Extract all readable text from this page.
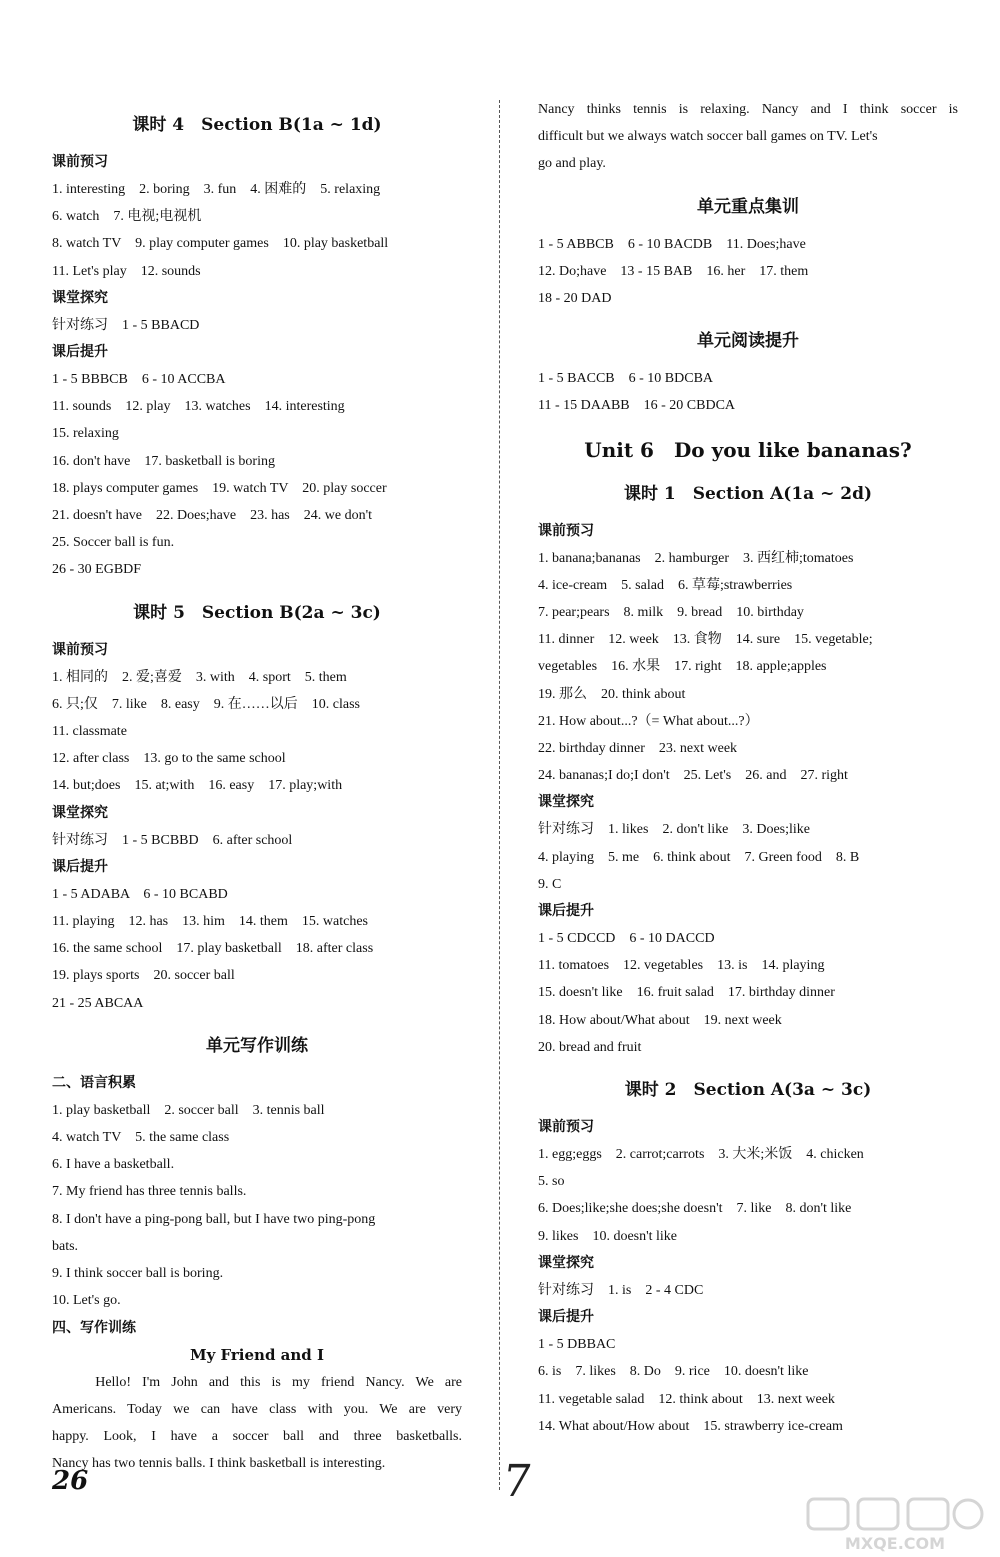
课时 4　Section B(1a ~ 1d)
课前预习
1. interesting　2. boring　3. fun　4. 困难的　5. relaxing
6. watch　7. 电视;电视机
8. watch TV　9. play computer games　10. play basketball
11. Let's play　12. sounds
课堂探究
针对练习　1 - 5 BBACD
课后提升
1 - 5 BBBCB　6 - 10 ACCBA
11. sounds　12. play　13. watches　14. interesting
15. relaxing
16. don't have　17. basketball is boring
18. plays computer games　19. watch TV　20. play soccer
21. doesn't have　22. Does;have　23. has　24. we don't
25. Soccer ball is fun.
26 - 30 EGBDF
课时 5　Section B(2a ~ 3c)
课前预习
1. 相同的　2. 爱;喜爱　3. with　4. sport　5. them
6. 只;仅　7. like　8. easy　9. 在……以后　10. class
11. classmate
12. after class　13. go to the same school
14. but;does　15. at;with　16. easy　17. play;with
课堂探究
针对练习　1 - 5 BCBBD　6. after school
课后提升
1 - 5 ADABA　6 - 10 BCABD
11. playing　12. has　13. him　14. them　15. watches
16. the same school　17. play basketball　18. after class
19. plays sports　20. soccer ball
21 - 25 ABCAA
单元写作训练
二、语言积累
1. play basketball　2. soccer ball　3. tennis ball
4. watch TV　5. the same class
6. I have a basketball.
7. My friend has three tennis balls.
8. I don't have a ping-pong ball, but I have two ping-pong
bats.
9. I think soccer ball is boring.
10. Let's go.
四、写作训练
My Friend and I
　　Hello! I'm John and this is my friend Nancy. We are
Americans. Today we can have class with you. We are very
happy. Look, I have a soccer ball and three basketballs.
Nancy has two tennis balls. I think basketball is interesting.
Nancy thinks tennis is relaxing. Nancy and I think soccer is
difficult but we always watch soccer ball games on TV. Let's
go and play.
单元重点集训
1 - 5 ABBCB　6 - 10 BACDB　11. Does;have
12. Do;have　13 - 15 BAB　16. her　17. them
18 - 20 DAD
单元阅读提升
1 - 5 BACCB　6 - 10 BDCBA
11 - 15 DAABB　16 - 20 CBDCA
Unit 6　Do you like bananas?
课时 1　Section A(1a ~ 2d)
课前预习
1. banana;bananas　2. hamburger　3. 西红柿;tomatoes
4. ice-cream　5. salad　6. 草莓;strawberries
7. pear;pears　8. milk　9. bread　10. birthday
11. dinner　12. week　13. 食物　14. sure　15. vegetable;
vegetables　16. 水果　17. right　18. apple;apples
19. 那么　20. think about
21. How about...?（= What about...?）
22. birthday dinner　23. next week
24. bananas;I do;I don't　25. Let's　26. and　27. right
课堂探究
针对练习　1. likes　2. don't like　3. Does;like
4. playing　5. me　6. think about　7. Green food　8. B
9. C
课后提升
1 - 5 CDCCD　6 - 10 DACCD
11. tomatoes　12. vegetables　13. is　14. playing
15. doesn't like　16. fruit salad　17. birthday dinner
18. How about/What about　19. next week
20. bread and fruit
课时 2　Section A(3a ~ 3c)
课前预习
1. egg;eggs　2. carrot;carrots　3. 大米;米饭　4. chicken
5. so
6. Does;like;she does;she doesn't　7. like　8. don't like
9. likes　10. doesn't like
课堂探究
针对练习　1. is　2 - 4 CDC
课后提升
1 - 5 DBBAC
6. is　7. likes　8. Do　9. rice　10. doesn't like
11. vegetable salad　12. think about　13. next week
14. What about/How about　15. strawberry ice-cream
26	7
MXQE.COM
